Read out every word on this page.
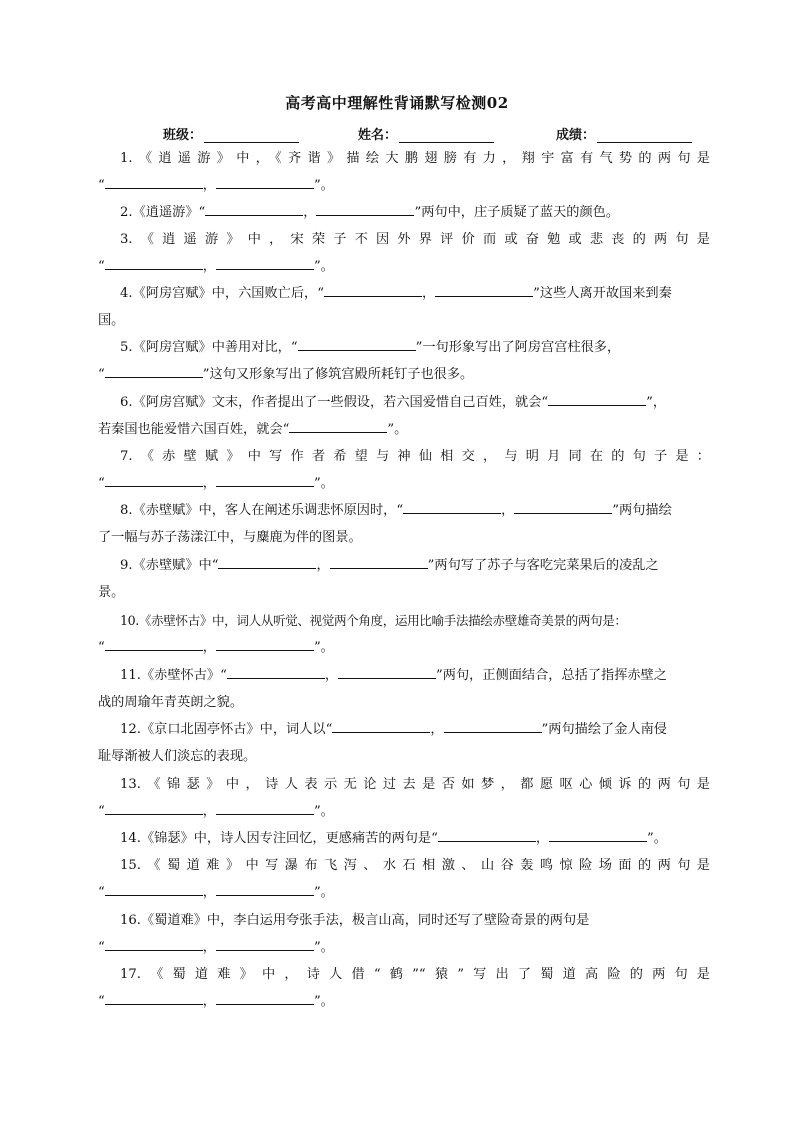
高考高中理解性背诵默写检测02
班级：	姓名：	成绩：
1.《逍遥游》中，《齐谐》描绘大鹏翅膀有力，翔宇富有气势的两句是
“	，	”。
2.《逍遥游》“	，	”两句中，庄子质疑了蓝天的颜色。
3.《逍遥游》中，宋荣子不因外界评价而或奋勉或悲丧的两句是
“	，	”。
4.《阿房宫赋》中，六国败亡后，“	，	”这些人离开故国来到秦
国。
5.《阿房宫赋》中善用对比，“	”一句形象写出了阿房宫宫柱很多，
“	”这句又形象写出了修筑宫殿所耗钉子也很多。
6.《阿房宫赋》文末，作者提出了一些假设，若六国爱惜自己百姓，就会“	”，
若秦国也能爱惜六国百姓，就会“	”。
7.《赤壁赋》中写作者希望与神仙相交，与明月同在的句子是：
“	，	”。
8.《赤壁赋》中，客人在阐述乐调悲怀原因时，“	，	”两句描绘
了一幅与苏子荡漾江中，与麋鹿为伴的图景。
9.《赤壁赋》中“	，	”两句写了苏子与客吃完菜果后的凌乱之
景。
10.《赤壁怀古》中，词人从听觉、视觉两个角度，运用比喻手法描绘赤壁雄奇美景的两句是：
“	，	”。
11.《赤壁怀古》“	，	”两句，正侧面结合，总括了指挥赤壁之
战的周瑜年青英朗之貌。
12.《京口北固亭怀古》中，词人以“	，	”两句描绘了金人南侵
耻辱渐被人们淡忘的表现。
13.《锦瑟》中，诗人表示无论过去是否如梦，都愿呕心倾诉的两句是
“	，	”。
14.《锦瑟》中，诗人因专注回忆，更感痛苦的两句是“	，	”。
15.《蜀道难》中写瀑布飞泻、水石相激、山谷轰鸣惊险场面的两句是
“	，	”。
16.《蜀道难》中，李白运用夸张手法，极言山高，同时还写了壁险奇景的两句是
“	，	”。
17.《蜀道难》中，诗人借“鹤”“猿”写出了蜀道高险的两句是
“	，	”。
